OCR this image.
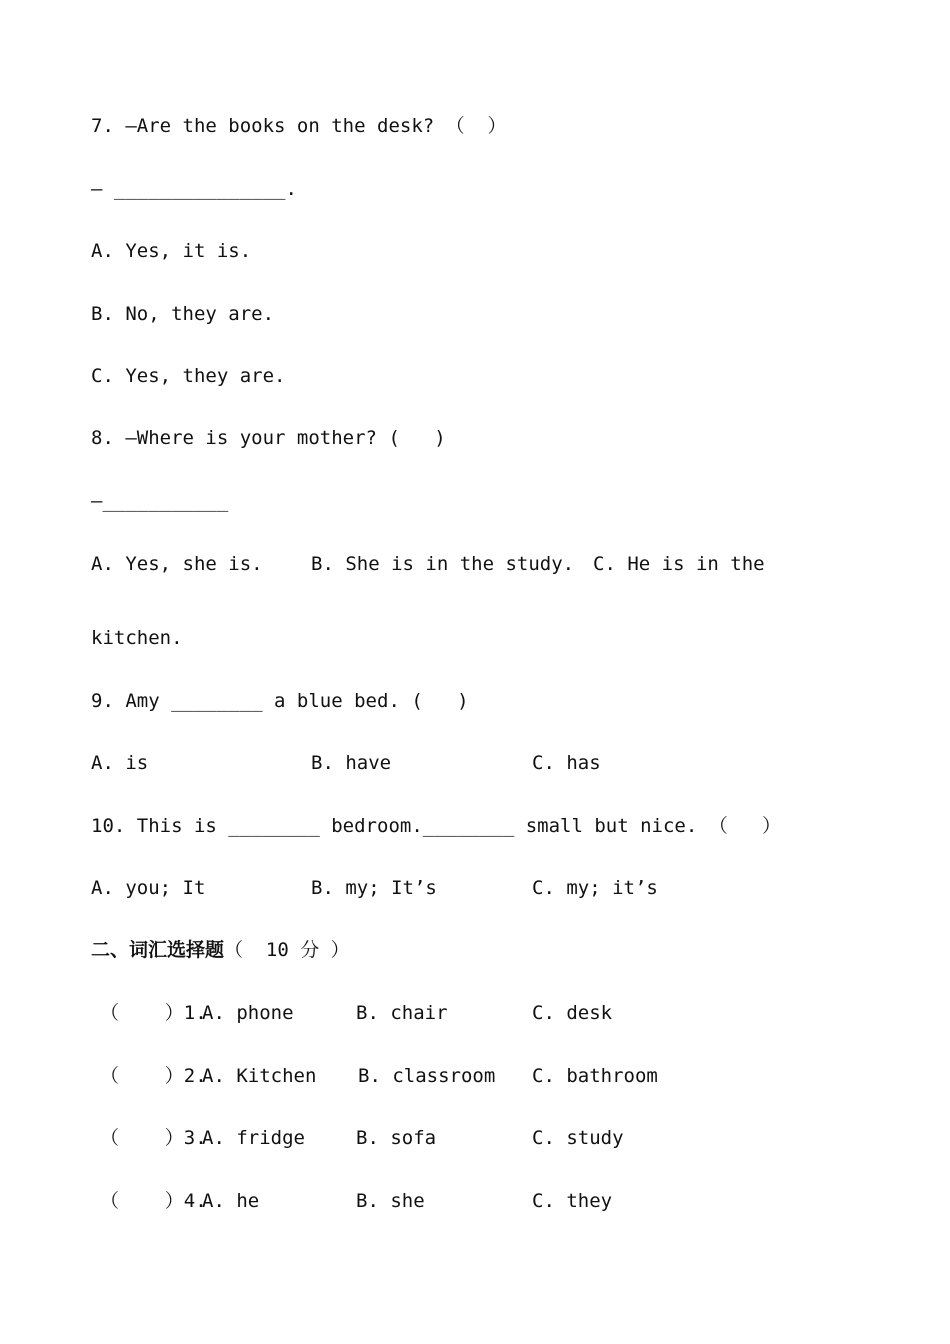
7. —Are the books on the desk? （  ）
— _______________.
A. Yes, it is.
B. No, they are.
C. Yes, they are.
8. —Where is your mother? (   )
—___________
A. Yes, she is.	B. She is in the study. C. He is in the
kitchen.
9. Amy ________ a blue bed. (   )
A. is	B. have	C. has
10. This is ________ bedroom.________ small but nice. （   ）
A. you; It	B. my; It’s	C. my; it’s
二、词汇选择题（  10 分 ）
（    ）1.
A. phone	B. chair	C. desk
（    ）2.
A. Kitchen B. classroom C. bathroom
（    ）3.
A. fridge	B. sofa	C. study
（    ）4.
A. he	B. she	C. they
